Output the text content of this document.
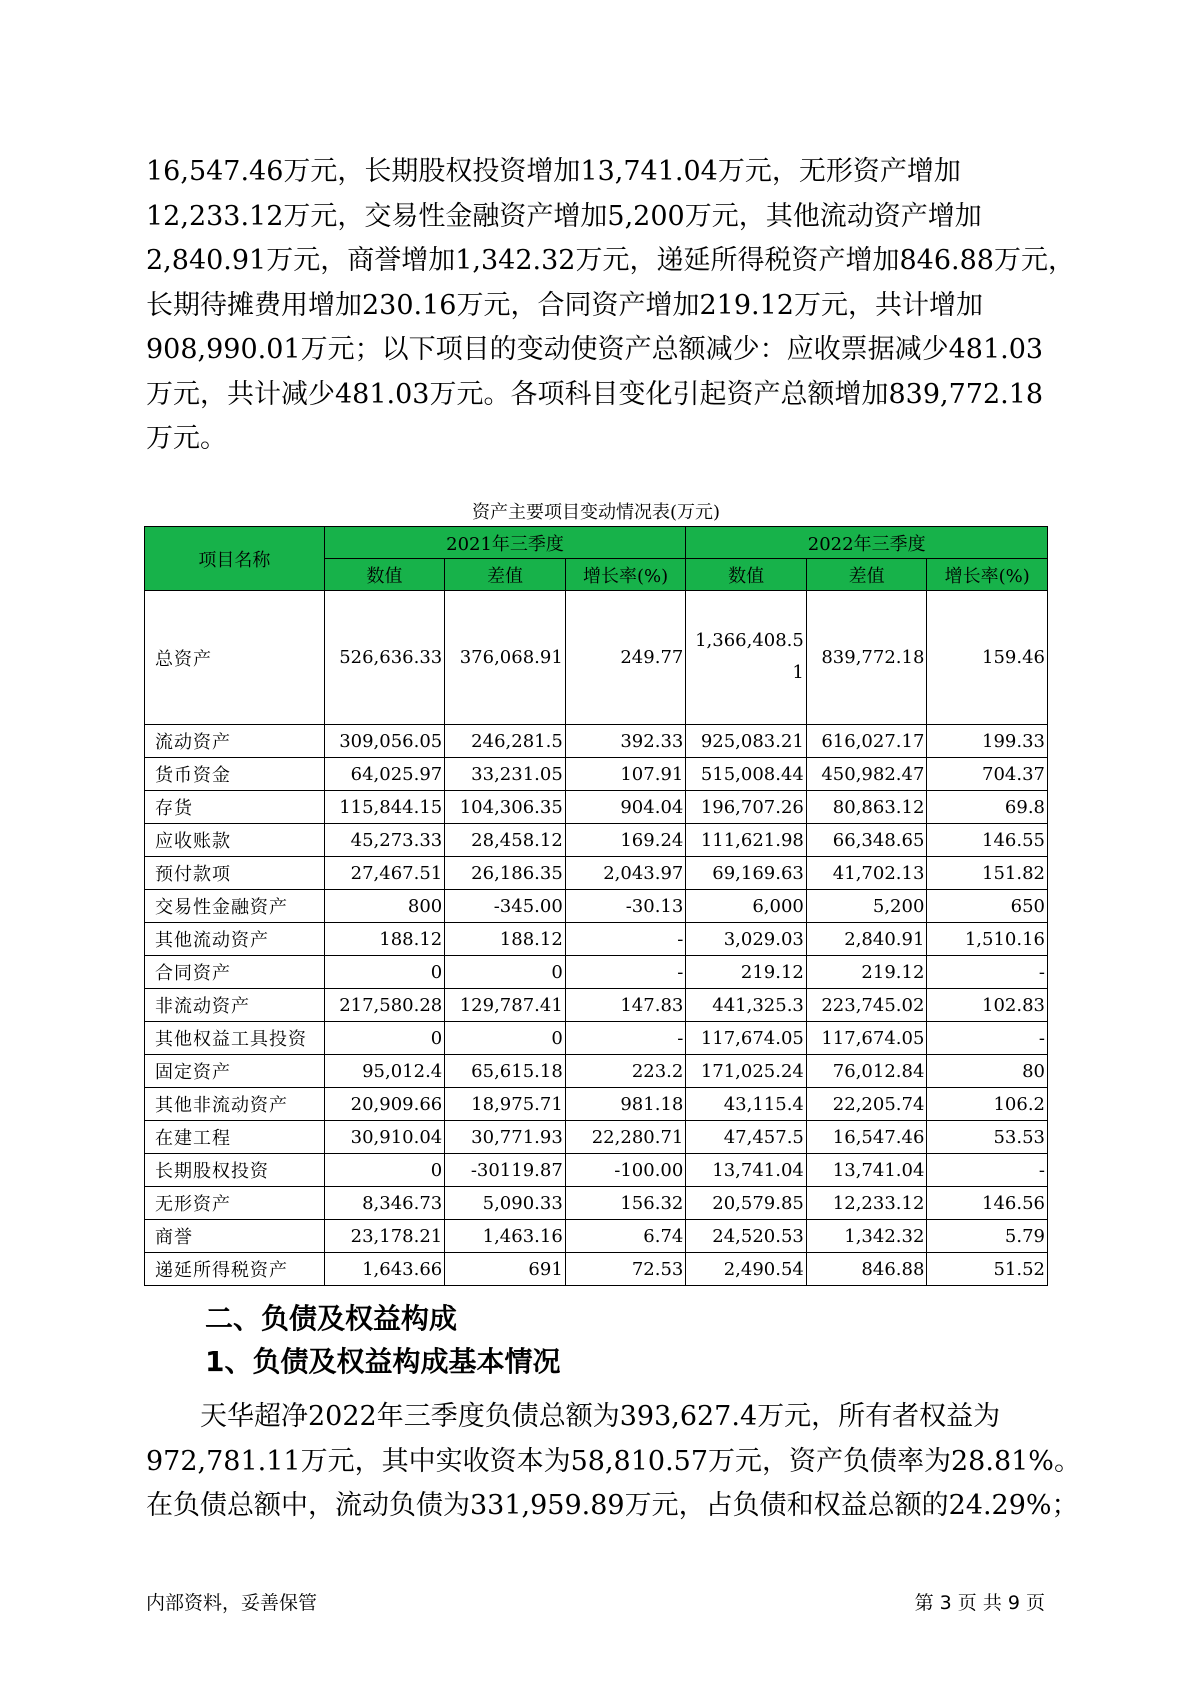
16,547.46万元，长期股权投资增加13,741.04万元，无形资产增加
12,233.12万元，交易性金融资产增加5,200万元，其他流动资产增加
2,840.91万元，商誉增加1,342.32万元，递延所得税资产增加846.88万元，
长期待摊费用增加230.16万元，合同资产增加219.12万元，共计增加
908,990.01万元；以下项目的变动使资产总额减少：应收票据减少481.03
万元，共计减少481.03万元。各项科目变化引起资产总额增加839,772.18
万元。
资产主要项目变动情况表(万元)
项目名称	2021年三季度			2022年三季度		
	数值	差值	增长率(%)	数值	差值	增长率(%)
总资产	526,636.33	376,068.91	249.77	1,366,408.51	839,772.18	159.46
流动资产	309,056.05	246,281.5	392.33	925,083.21	616,027.17	199.33
货币资金	64,025.97	33,231.05	107.91	515,008.44	450,982.47	704.37
存货	115,844.15	104,306.35	904.04	196,707.26	80,863.12	69.8
应收账款	45,273.33	28,458.12	169.24	111,621.98	66,348.65	146.55
预付款项	27,467.51	26,186.35	2,043.97	69,169.63	41,702.13	151.82
交易性金融资产	800	-345.00	-30.13	6,000	5,200	650
其他流动资产	188.12	188.12	-	3,029.03	2,840.91	1,510.16
合同资产	0	0	-	219.12	219.12	-
非流动资产	217,580.28	129,787.41	147.83	441,325.3	223,745.02	102.83
其他权益工具投资	0	0	-	117,674.05	117,674.05	-
固定资产	95,012.4	65,615.18	223.2	171,025.24	76,012.84	80
其他非流动资产	20,909.66	18,975.71	981.18	43,115.4	22,205.74	106.2
在建工程	30,910.04	30,771.93	22,280.71	47,457.5	16,547.46	53.53
长期股权投资	0	-30119.87	-100.00	13,741.04	13,741.04	-
无形资产	8,346.73	5,090.33	156.32	20,579.85	12,233.12	146.56
商誉	23,178.21	1,463.16	6.74	24,520.53	1,342.32	5.79
递延所得税资产	1,643.66	691	72.53	2,490.54	846.88	51.52
二、负债及权益构成
1、负债及权益构成基本情况
天华超净2022年三季度负债总额为393,627.4万元，所有者权益为
972,781.11万元，其中实收资本为58,810.57万元，资产负债率为28.81%。
在负债总额中，流动负债为331,959.89万元，占负债和权益总额的24.29%；
内部资料，妥善保管	第 3 页 共 9 页
